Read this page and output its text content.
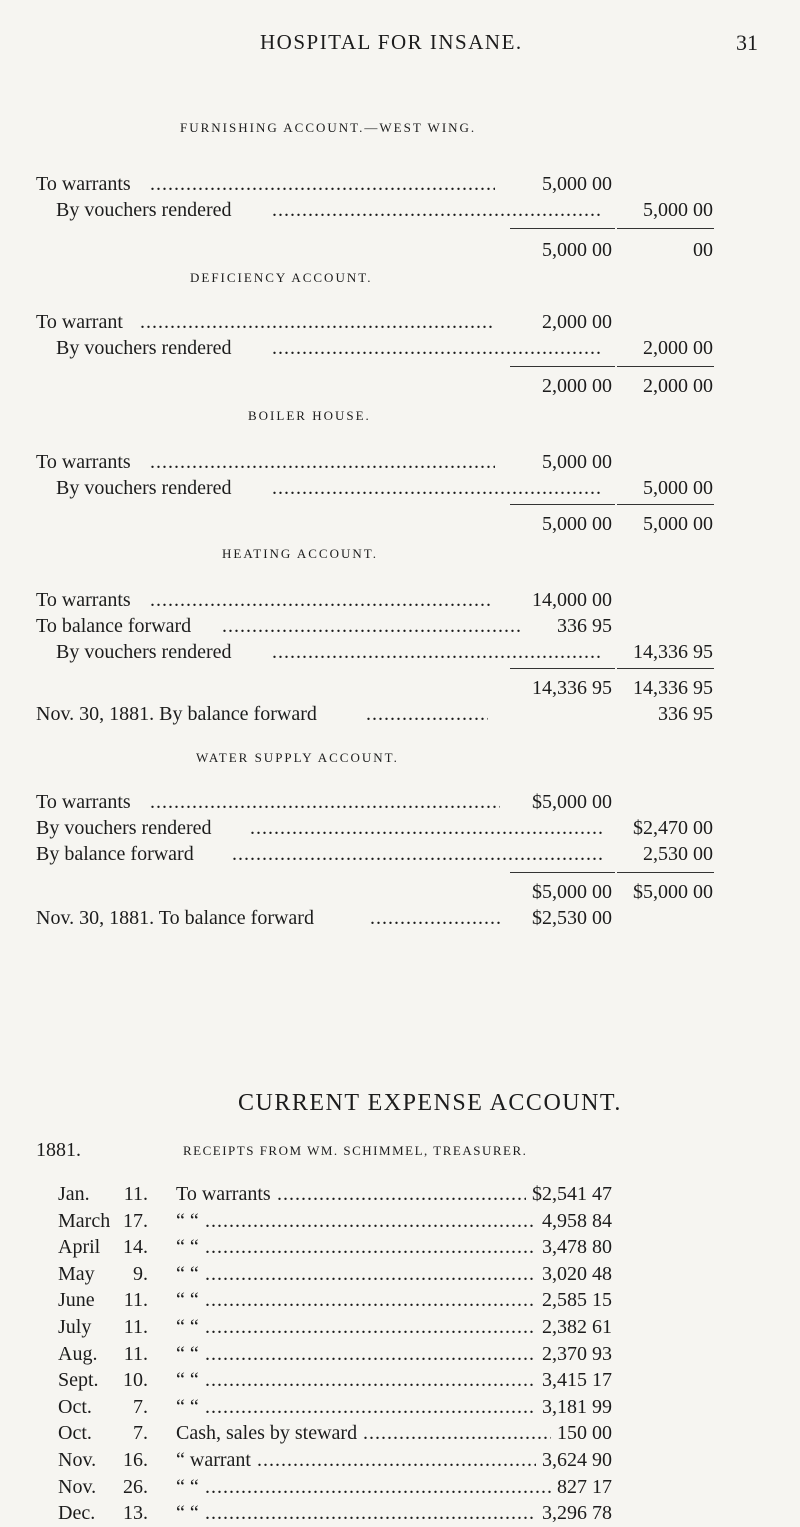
HOSPITAL FOR INSANE.	31
FURNISHING ACCOUNT.—WEST WING.
To warrants . . .	5,000 00
By vouchers rendered . . .	5,000 00
5,000 00	00
DEFICIENCY ACCOUNT.
To warrant . . .	2,000 00
By vouchers rendered . . .	2,000 00
2,000 00 2,000 00
BOILER HOUSE.
To warrants . . .	5,000 00
By vouchers rendered . . .	5,000 00
5,000 00 5,000 00
HEATING ACCOUNT.
To warrants . . .	14,000 00
To balance forward . . .	336 95
By vouchers rendered . . .	14,336 95
14,336 95 14,336 95
Nov. 30, 1881. By balance forward . . .	336 95
WATER SUPPLY ACCOUNT.
To warrants . . .	$5,000 00
By vouchers rendered . . .	$2,470 00
By balance forward . . .	2,530 00
$5,000 00 $5,000 00
Nov. 30, 1881. To balance forward . . .	$2,530 00
CURRENT EXPENSE ACCOUNT.
1881.	RECEIPTS FROM WM. SCHIMMEL, TREASURER.
Jan.	11. To warrants . . .	$2,541 47
March 17. “ “ . . .	4,958 84
April	14. “ “ . . .	3,478 80
May	9. “ “ . . .	3,020 48
June	11. “ “ . . .	2,585 15
July	11. “ “ . . .	2,382 61
Aug.	11. “ “ . . .	2,370 93
Sept.	10. “ “ . . .	3,415 17
Oct.	7. “ “ . . .	3,181 99
Oct.	7. Cash, sales by steward . . .	150 00
Nov.	16. “ warrant . . .	3,624 90
Nov.	26. “ “ . . .	827 17
Dec.	13. “ “ . . .	3,296 78
